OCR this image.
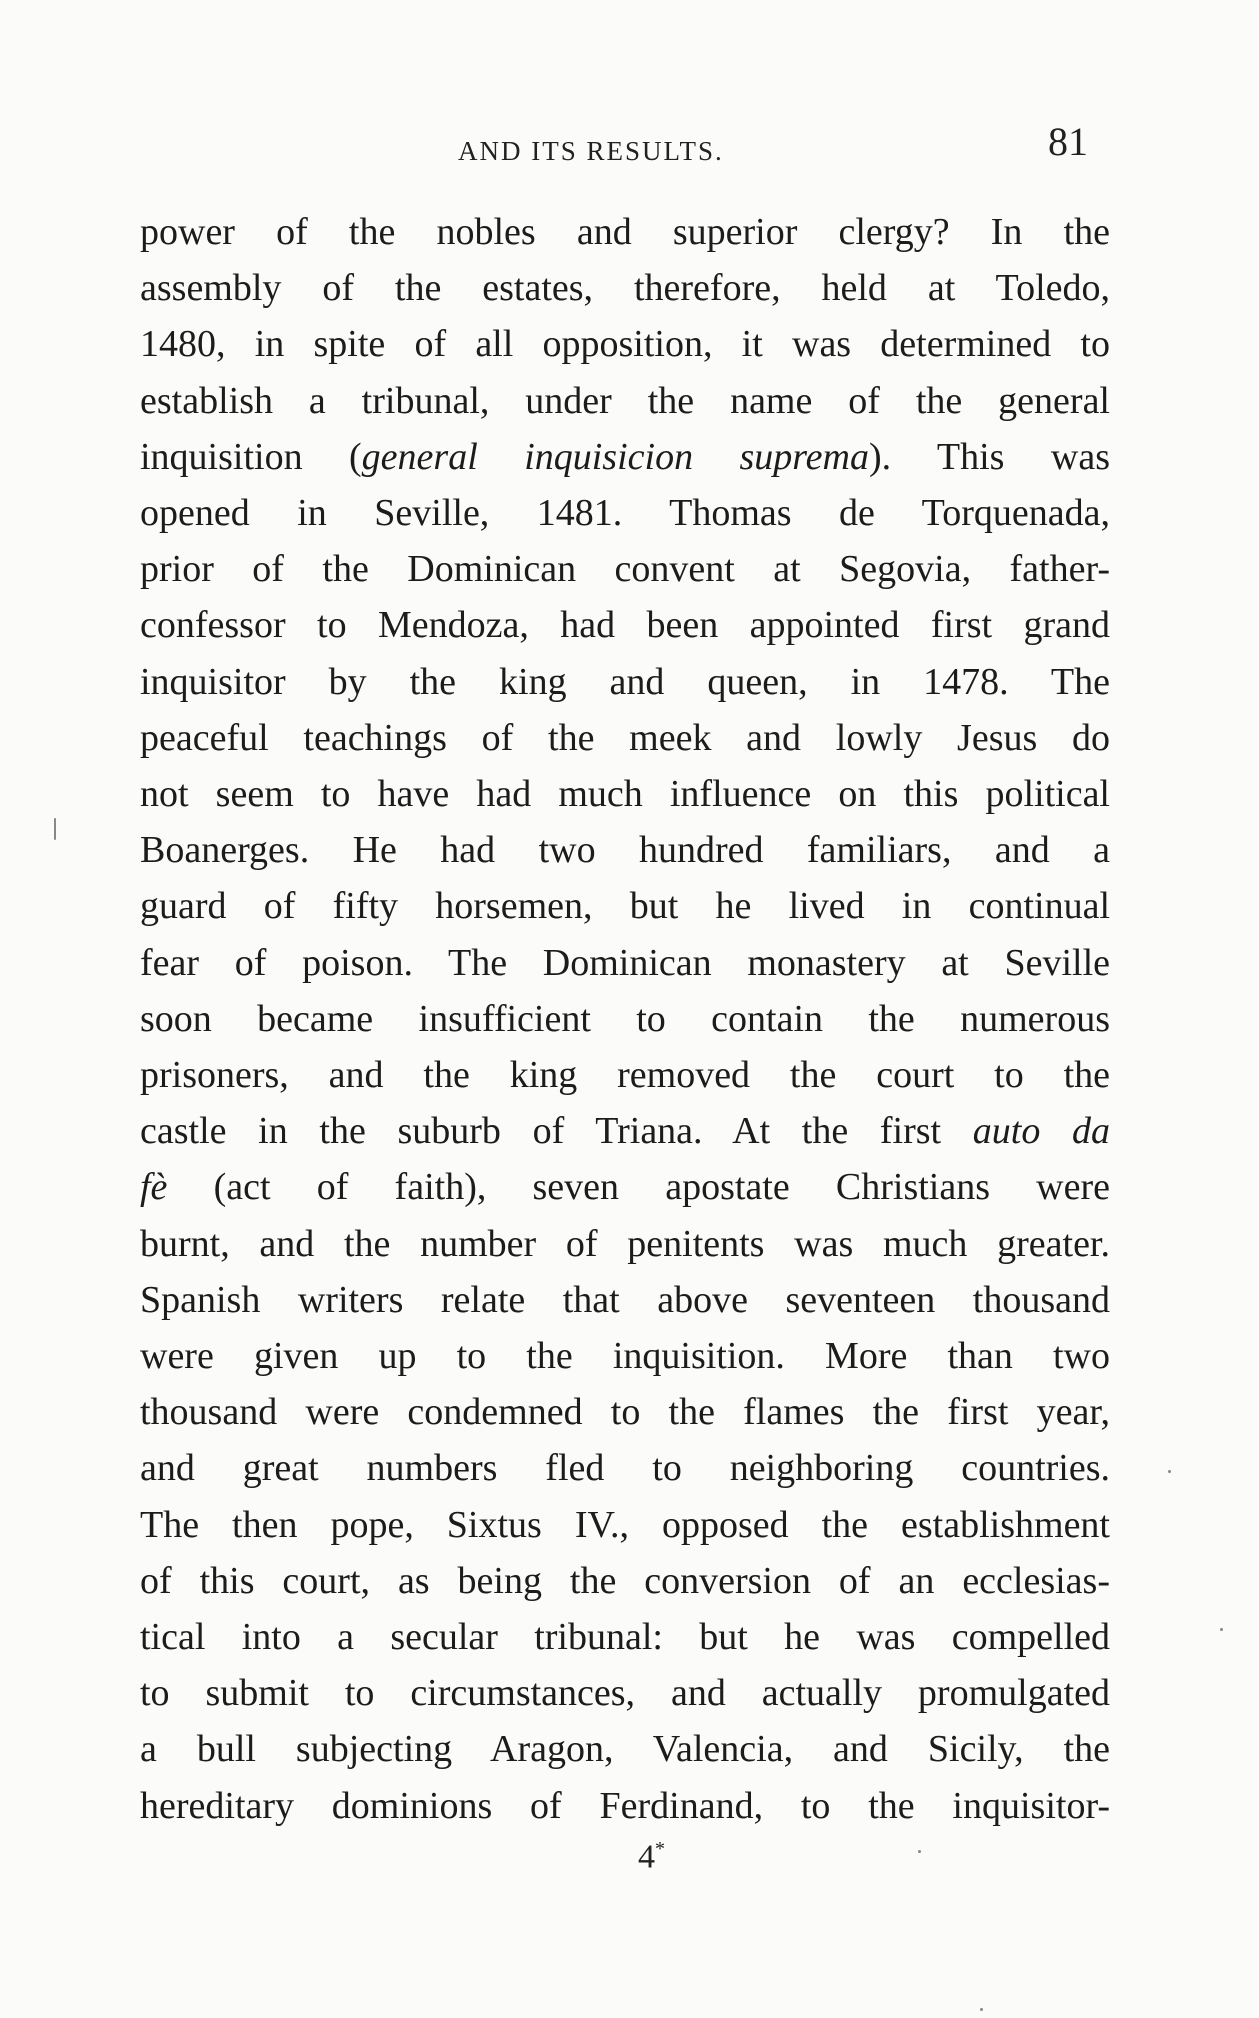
AND ITS RESULTS.	81
power of the nobles and superior clergy? In the
assembly of the estates, therefore, held at Toledo,
1480, in spite of all opposition, it was determined to
establish a tribunal, under the name of the general
inquisition (general inquisicion suprema). This was
opened in Seville, 1481. Thomas de Torquenada,
prior of the Dominican convent at Segovia, father-
confessor to Mendoza, had been appointed first grand
inquisitor by the king and queen, in 1478. The
peaceful teachings of the meek and lowly Jesus do
not seem to have had much influence on this political
Boanerges. He had two hundred familiars, and a
guard of fifty horsemen, but he lived in continual
fear of poison. The Dominican monastery at Seville
soon became insufficient to contain the numerous
prisoners, and the king removed the court to the
castle in the suburb of Triana. At the first auto da
fè (act of faith), seven apostate Christians were
burnt, and the number of penitents was much greater.
Spanish writers relate that above seventeen thousand
were given up to the inquisition. More than two
thousand were condemned to the flames the first year,
and great numbers fled to neighboring countries.
The then pope, Sixtus IV., opposed the establishment
of this court, as being the conversion of an ecclesias-
tical into a secular tribunal: but he was compelled
to submit to circumstances, and actually promulgated
a bull subjecting Aragon, Valencia, and Sicily, the
hereditary dominions of Ferdinand, to the inquisitor-
4*
